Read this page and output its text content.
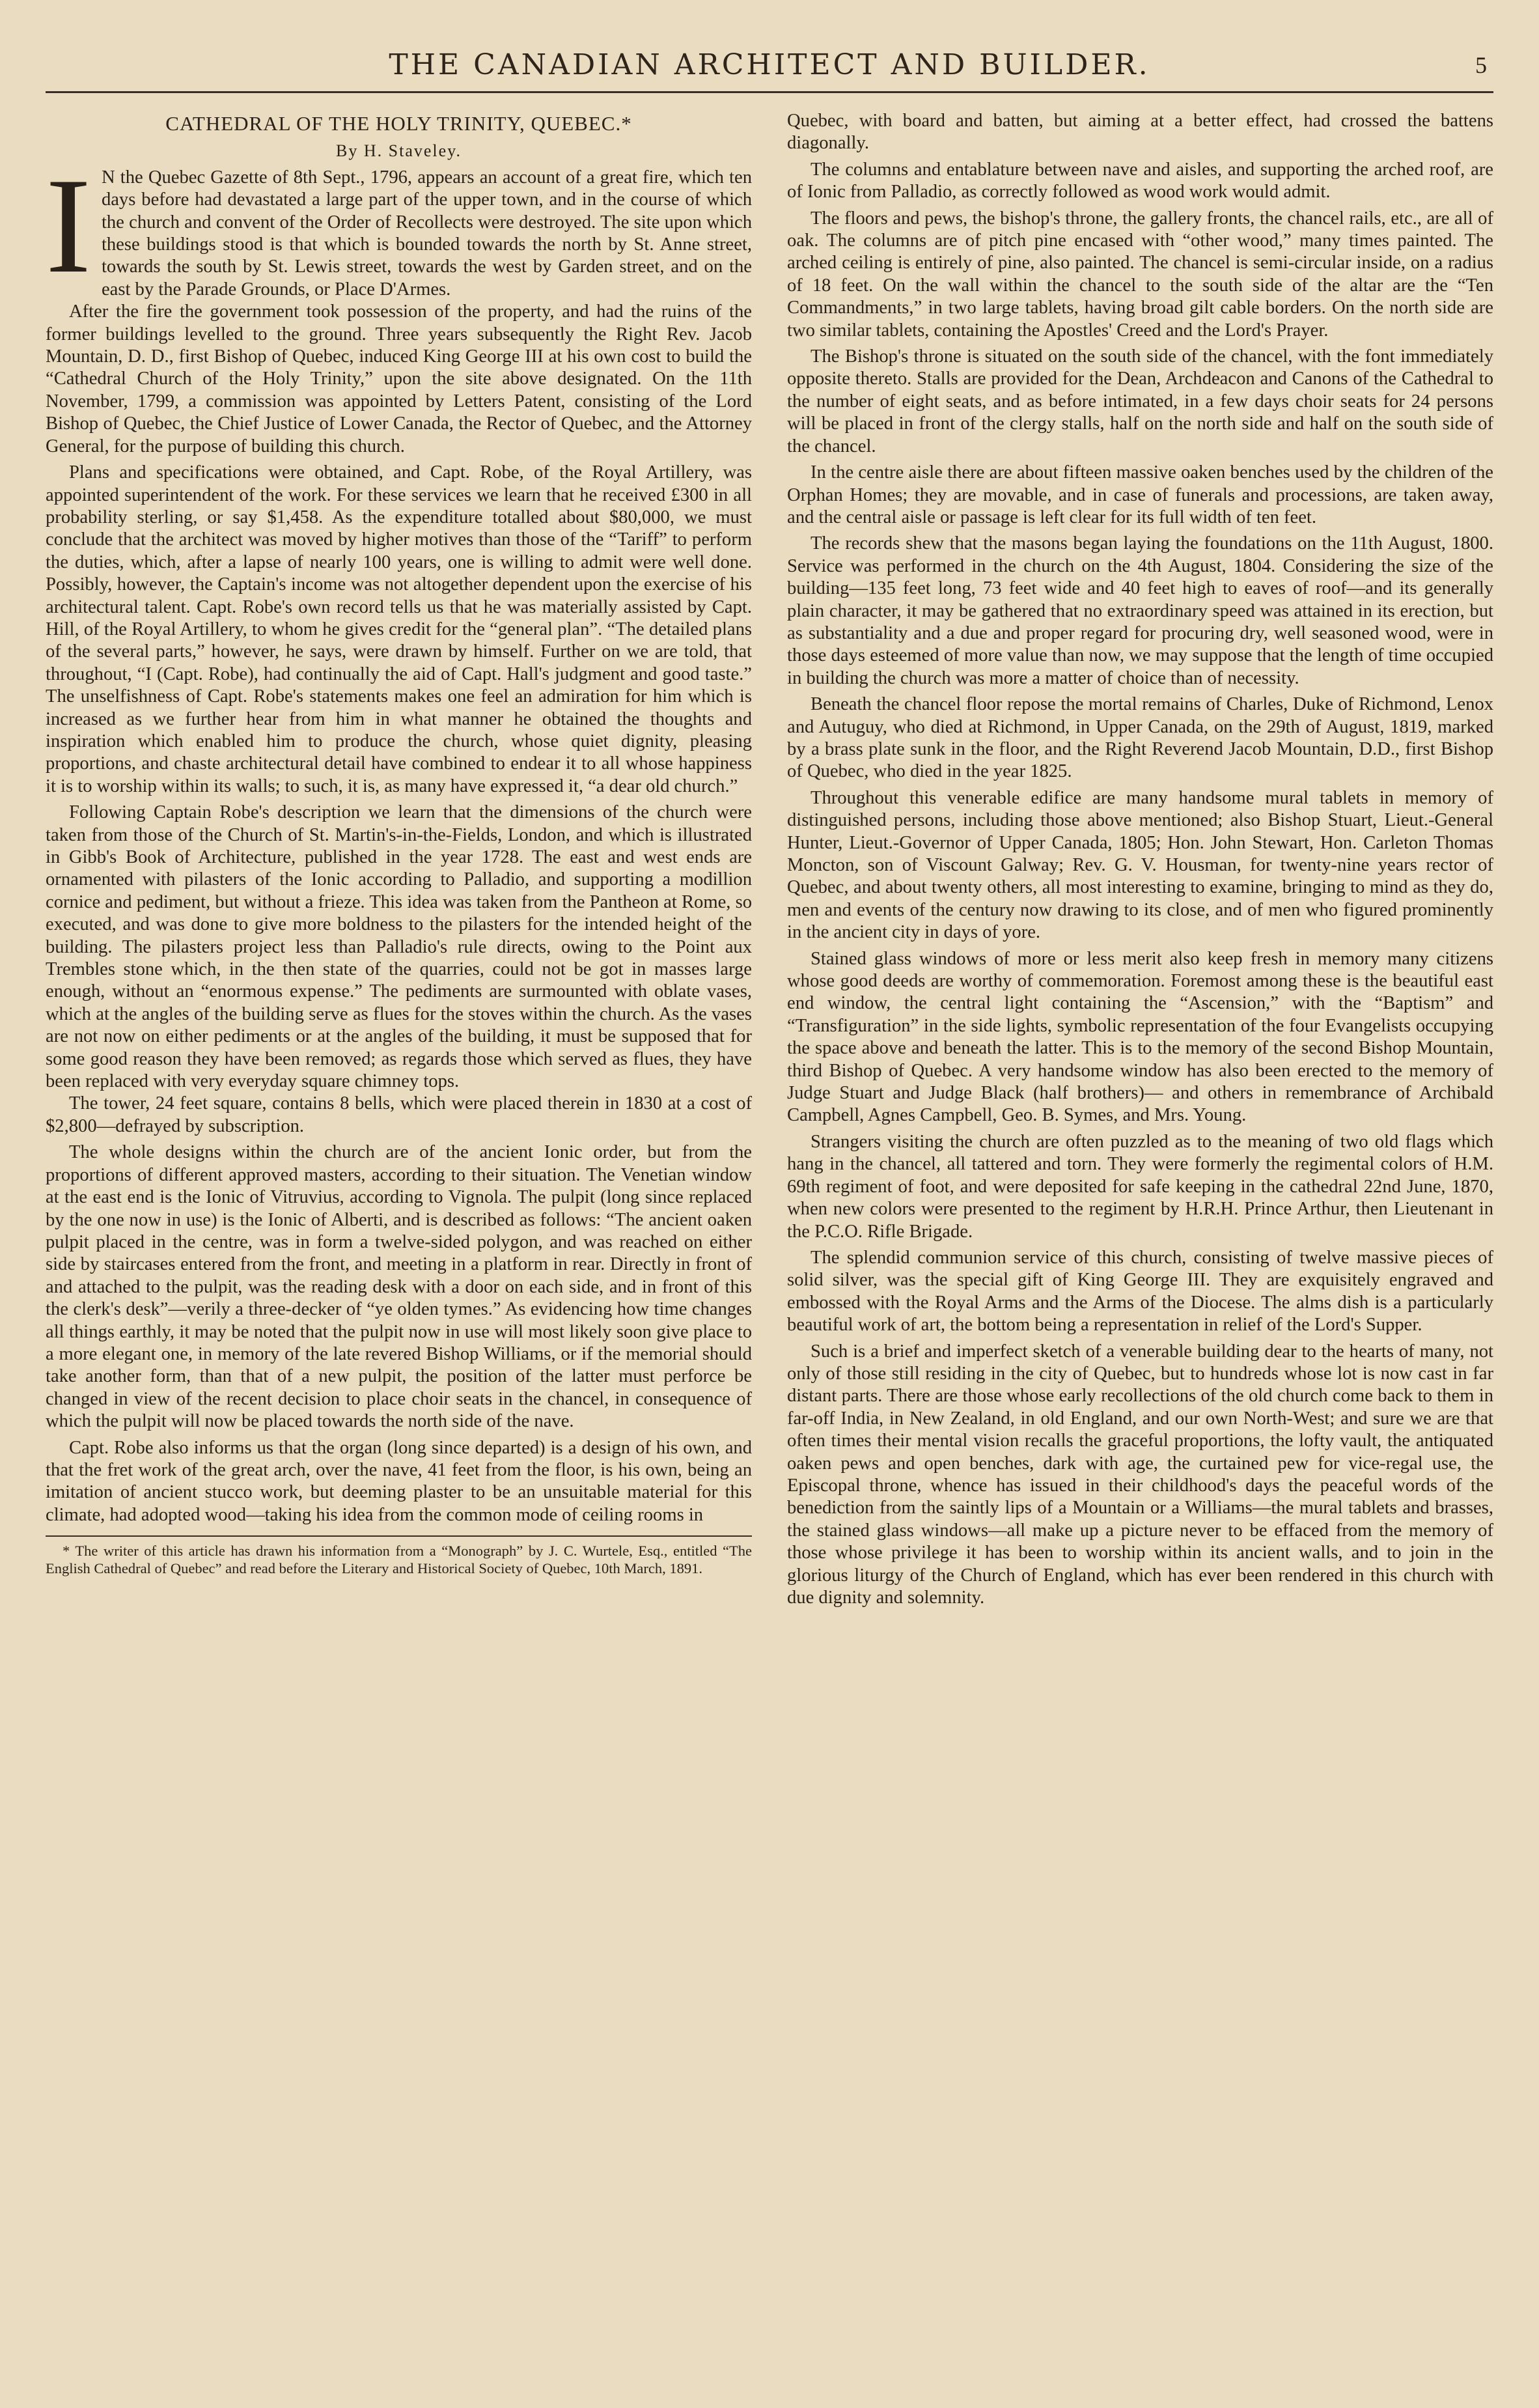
THE CANADIAN ARCHITECT AND BUILDER.	5
CATHEDRAL OF THE HOLY TRINITY, QUEBEC.*
By H. Staveley.

IN the Quebec Gazette of 8th Sept., 1796, appears an account of a great fire, which ten days before had devastated a large part of the upper town, and in the course of which the church and convent of the Order of Recollects were destroyed. The site upon which these buildings stood is that which is bounded towards the north by St. Anne street, towards the south by St. Lewis street, towards the west by Garden street, and on the east by the Parade Grounds, or Place D'Armes.

After the fire the government took possession of the property, and had the ruins of the former buildings levelled to the ground. Three years subsequently the Right Rev. Jacob Mountain, D. D., first Bishop of Quebec, induced King George III at his own cost to build the “Cathedral Church of the Holy Trinity,” upon the site above designated. On the 11th November, 1799, a commission was appointed by Letters Patent, consisting of the Lord Bishop of Quebec, the Chief Justice of Lower Canada, the Rector of Quebec, and the Attorney General, for the purpose of building this church.

Plans and specifications were obtained, and Capt. Robe, of the Royal Artillery, was appointed superintendent of the work. For these services we learn that he received £300 in all probability sterling, or say $1,458. As the expenditure totalled about $80,000, we must conclude that the architect was moved by higher motives than those of the “Tariff” to perform the duties, which, after a lapse of nearly 100 years, one is willing to admit were well done. Possibly, however, the Captain's income was not altogether dependent upon the exercise of his architectural talent. Capt. Robe's own record tells us that he was materially assisted by Capt. Hill, of the Royal Artillery, to whom he gives credit for the “general plan”. “The detailed plans of the several parts,” however, he says, were drawn by himself. Further on we are told, that throughout, “I (Capt. Robe), had continually the aid of Capt. Hall's judgment and good taste.” The unselfishness of Capt. Robe's statements makes one feel an admiration for him which is increased as we further hear from him in what manner he obtained the thoughts and inspiration which enabled him to produce the church, whose quiet dignity, pleasing proportions, and chaste architectural detail have combined to endear it to all whose happiness it is to worship within its walls; to such, it is, as many have expressed it, “a dear old church.”

Following Captain Robe's description we learn that the dimensions of the church were taken from those of the Church of St. Martin's-in-the-Fields, London, and which is illustrated in Gibb's Book of Architecture, published in the year 1728. The east and west ends are ornamented with pilasters of the Ionic according to Palladio, and supporting a modillion cornice and pediment, but without a frieze. This idea was taken from the Pantheon at Rome, so executed, and was done to give more boldness to the pilasters for the intended height of the building. The pilasters project less than Palladio's rule directs, owing to the Point aux Trembles stone which, in the then state of the quarries, could not be got in masses large enough, without an “enormous expense.” The pediments are surmounted with oblate vases, which at the angles of the building serve as flues for the stoves within the church. As the vases are not now on either pediments or at the angles of the building, it must be supposed that for some good reason they have been removed; as regards those which served as flues, they have been replaced with very everyday square chimney tops.

The tower, 24 feet square, contains 8 bells, which were placed therein in 1830 at a cost of $2,800—defrayed by subscription.

The whole designs within the church are of the ancient Ionic order, but from the proportions of different approved masters, according to their situation. The Venetian window at the east end is the Ionic of Vitruvius, according to Vignola. The pulpit (long since replaced by the one now in use) is the Ionic of Alberti, and is described as follows: “The ancient oaken pulpit placed in the centre, was in form a twelve-sided polygon, and was reached on either side by staircases entered from the front, and meeting in a platform in rear. Directly in front of and attached to the pulpit, was the reading desk with a door on each side, and in front of this the clerk's desk”—verily a three-decker of “ye olden tymes.” As evidencing how time changes all things earthly, it may be noted that the pulpit now in use will most likely soon give place to a more elegant one, in memory of the late revered Bishop Williams, or if the memorial should take another form, than that of a new pulpit, the position of the latter must perforce be changed in view of the recent decision to place choir seats in the chancel, in consequence of which the pulpit will now be placed towards the north side of the nave.

Capt. Robe also informs us that the organ (long since departed) is a design of his own, and that the fret work of the great arch, over the nave, 41 feet from the floor, is his own, being an imitation of ancient stucco work, but deeming plaster to be an unsuitable material for this climate, had adopted wood—taking his idea from the common mode of ceiling rooms in

* The writer of this article has drawn his information from a “Monograph” by J. C. Wurtele, Esq., entitled “The English Cathedral of Quebec” and read before the Literary and Historical Society of Quebec, 10th March, 1891.

Quebec, with board and batten, but aiming at a better effect, had crossed the battens diagonally.

The columns and entablature between nave and aisles, and supporting the arched roof, are of Ionic from Palladio, as correctly followed as wood work would admit.

The floors and pews, the bishop's throne, the gallery fronts, the chancel rails, etc., are all of oak. The columns are of pitch pine encased with “other wood,” many times painted. The arched ceiling is entirely of pine, also painted. The chancel is semi-circular inside, on a radius of 18 feet. On the wall within the chancel to the south side of the altar are the “Ten Commandments,” in two large tablets, having broad gilt cable borders. On the north side are two similar tablets, containing the Apostles' Creed and the Lord's Prayer.

The Bishop's throne is situated on the south side of the chancel, with the font immediately opposite thereto. Stalls are provided for the Dean, Archdeacon and Canons of the Cathedral to the number of eight seats, and as before intimated, in a few days choir seats for 24 persons will be placed in front of the clergy stalls, half on the north side and half on the south side of the chancel.

In the centre aisle there are about fifteen massive oaken benches used by the children of the Orphan Homes; they are movable, and in case of funerals and processions, are taken away, and the central aisle or passage is left clear for its full width of ten feet.

The records shew that the masons began laying the foundations on the 11th August, 1800. Service was performed in the church on the 4th August, 1804. Considering the size of the building—135 feet long, 73 feet wide and 40 feet high to eaves of roof—and its generally plain character, it may be gathered that no extraordinary speed was attained in its erection, but as substantiality and a due and proper regard for procuring dry, well seasoned wood, were in those days esteemed of more value than now, we may suppose that the length of time occupied in building the church was more a matter of choice than of necessity.

Beneath the chancel floor repose the mortal remains of Charles, Duke of Richmond, Lenox and Autuguy, who died at Richmond, in Upper Canada, on the 29th of August, 1819, marked by a brass plate sunk in the floor, and the Right Reverend Jacob Mountain, D.D., first Bishop of Quebec, who died in the year 1825.

Throughout this venerable edifice are many handsome mural tablets in memory of distinguished persons, including those above mentioned; also Bishop Stuart, Lieut.-General Hunter, Lieut.-Governor of Upper Canada, 1805; Hon. John Stewart, Hon. Carleton Thomas Moncton, son of Viscount Galway; Rev. G. V. Housman, for twenty-nine years rector of Quebec, and about twenty others, all most interesting to examine, bringing to mind as they do, men and events of the century now drawing to its close, and of men who figured prominently in the ancient city in days of yore.

Stained glass windows of more or less merit also keep fresh in memory many citizens whose good deeds are worthy of commemoration. Foremost among these is the beautiful east end window, the central light containing the “Ascension,” with the “Baptism” and “Transfiguration” in the side lights, symbolic representation of the four Evangelists occupying the space above and beneath the latter. This is to the memory of the second Bishop Mountain, third Bishop of Quebec. A very handsome window has also been erected to the memory of Judge Stuart and Judge Black (half brothers)— and others in remembrance of Archibald Campbell, Agnes Campbell, Geo. B. Symes, and Mrs. Young.

Strangers visiting the church are often puzzled as to the meaning of two old flags which hang in the chancel, all tattered and torn. They were formerly the regimental colors of H.M. 69th regiment of foot, and were deposited for safe keeping in the cathedral 22nd June, 1870, when new colors were presented to the regiment by H.R.H. Prince Arthur, then Lieutenant in the P.C.O. Rifle Brigade.

The splendid communion service of this church, consisting of twelve massive pieces of solid silver, was the special gift of King George III. They are exquisitely engraved and embossed with the Royal Arms and the Arms of the Diocese. The alms dish is a particularly beautiful work of art, the bottom being a representation in relief of the Lord's Supper.

Such is a brief and imperfect sketch of a venerable building dear to the hearts of many, not only of those still residing in the city of Quebec, but to hundreds whose lot is now cast in far distant parts. There are those whose early recollections of the old church come back to them in far-off India, in New Zealand, in old England, and our own North-West; and sure we are that often times their mental vision recalls the graceful proportions, the lofty vault, the antiquated oaken pews and open benches, dark with age, the curtained pew for vice-regal use, the Episcopal throne, whence has issued in their childhood's days the peaceful words of the benediction from the saintly lips of a Mountain or a Williams—the mural tablets and brasses, the stained glass windows—all make up a picture never to be effaced from the memory of those whose privilege it has been to worship within its ancient walls, and to join in the glorious liturgy of the Church of England, which has ever been rendered in this church with due dignity and solemnity.
